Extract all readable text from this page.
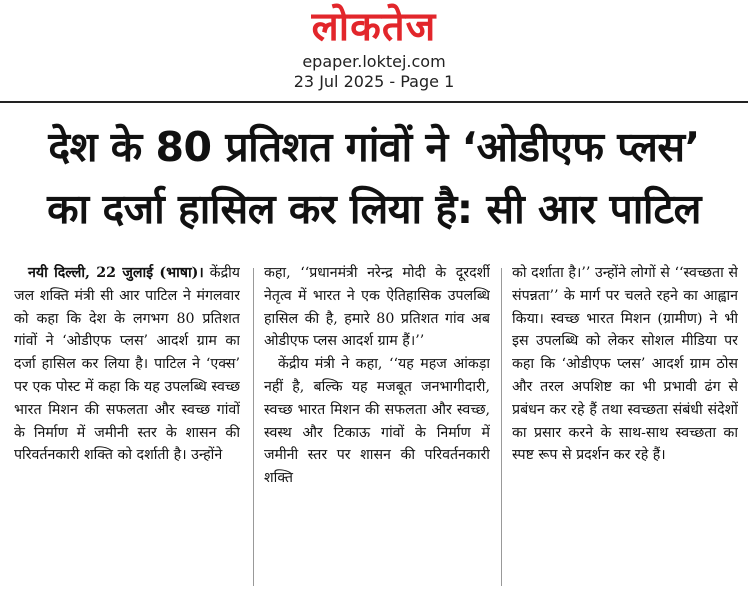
लोकतेज
epaper.loktej.com
23 Jul 2025 - Page 1
देश के 80 प्रतिशत गांवों ने ‘ओडीएफ प्लस’
का दर्जा हासिल कर लिया है: सी आर पाटिल

नयी दिल्ली, 22 जुलाई (भाषा)। केंद्रीय जल शक्ति मंत्री सी आर पाटिल ने मंगलवार को कहा कि देश के लगभग 80 प्रतिशत गांवों ने ‘ओडीएफ प्लस’ आदर्श ग्राम का दर्जा हासिल कर लिया है। पाटिल ने ‘एक्स’ पर एक पोस्ट में कहा कि यह उपलब्धि स्वच्छ भारत मिशन की सफलता और स्वच्छ गांवों के निर्माण में जमीनी स्तर के शासन की परिवर्तनकारी शक्ति को दर्शाती है। उन्होंने

कहा, ‘‘प्रधानमंत्री नरेन्द्र मोदी के दूरदर्शी नेतृत्व में भारत ने एक ऐतिहासिक उपलब्धि हासिल की है, हमारे 80 प्रतिशत गांव अब ओडीएफ प्लस आदर्श ग्राम हैं।’’

केंद्रीय मंत्री ने कहा, ‘‘यह महज आंकड़ा नहीं है, बल्कि यह मजबूत जनभागीदारी, स्वच्छ भारत मिशन की सफलता और स्वच्छ, स्वस्थ और टिकाऊ गांवों के निर्माण में जमीनी स्तर पर शासन की परिवर्तनकारी शक्ति

को दर्शाता है।’’ उन्होंने लोगों से ‘‘स्वच्छता से संपन्नता’’ के मार्ग पर चलते रहने का आह्वान किया। स्वच्छ भारत मिशन (ग्रामीण) ने भी इस उपलब्धि को लेकर सोशल मीडिया पर कहा कि ‘ओडीएफ प्लस’ आदर्श ग्राम ठोस और तरल अपशिष्ट का भी प्रभावी ढंग से प्रबंधन कर रहे हैं तथा स्वच्छता संबंधी संदेशों का प्रसार करने के साथ-साथ स्वच्छता का स्पष्ट रूप से प्रदर्शन कर रहे हैं।
